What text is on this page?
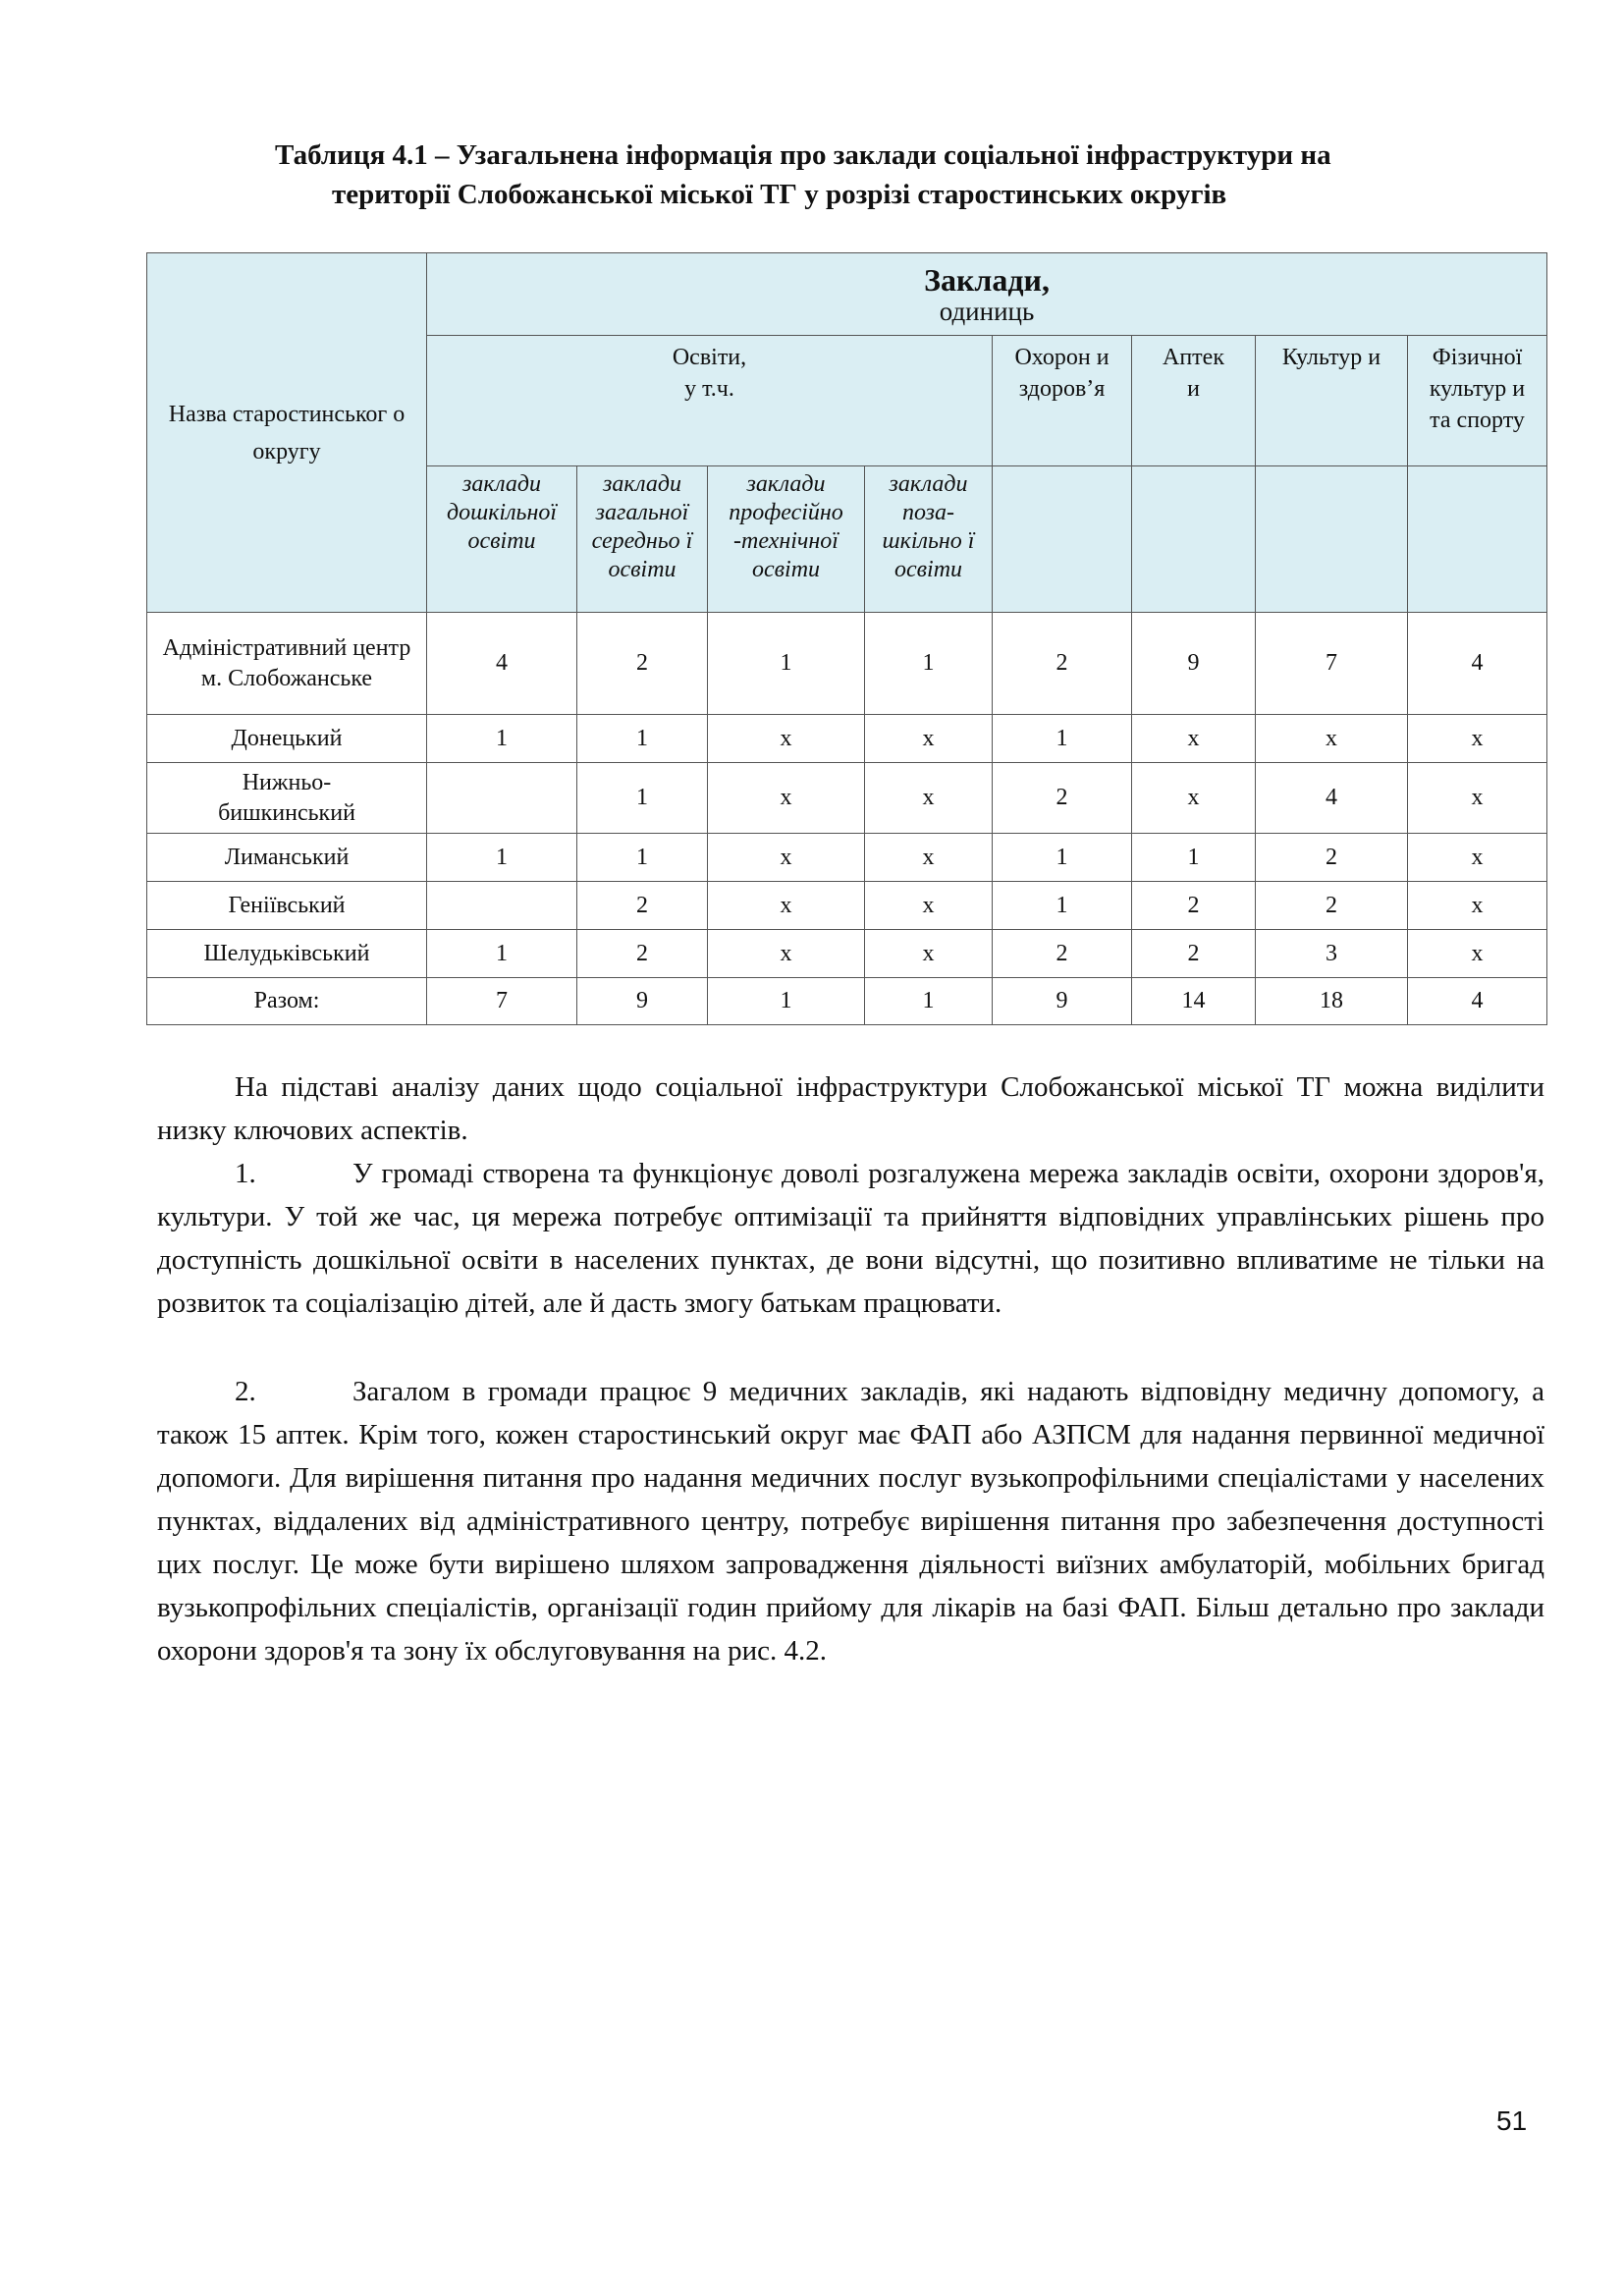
Таблиця 4.1 – Узагальнена інформація про заклади соціальної інфраструктури на
території Слобожанської міської ТГ у розрізі старостинських округів
Назва старостинськог о округу	Заклади,
одиниць							

	Освіти, у т.ч.				Охорон и здоров’я	Аптек и	Культур и	Фізичної культур и та спорту

	заклади дошкільної освіти	заклади загальної середньо ї освіти	заклади професійно -технічної освіти	заклади поза-шкільно ї освіти				

Адміністративний центр
м. Слобожанське	4	2	1	1	2	9	7	4
Донецький	1	1	х	х	1	х	х	х

Нижньо-бишкинський		1	х	х	2	х	4	х
Лиманський	1	1	х	х	1	1	2	х
Геніївський		2	х	х	1	2	2	х
Шелудьківський	1	2	х	х	2	2	3	х
Разом:	7	9	1	1	9	14	18	4
На підставі аналізу даних щодо соціальної інфраструктури Слобожанської міської ТГ можна виділити низку ключових аспектів.
1.	У громаді створена та функціонує доволі розгалужена мережа закладів освіти, охорони здоров'я, культури. У той же час, ця мережа потребує оптимізації та прийняття відповідних управлінських рішень про доступність дошкільної освіти в населених пунктах, де вони відсутні, що позитивно впливатиме не тільки на розвиток та соціалізацію дітей, але й дасть змогу батькам працювати.
2.	Загалом в громади працює 9 медичних закладів, які надають відповідну медичну допомогу, а також 15 аптек. Крім того, кожен старостинський округ має ФАП або АЗПСМ для надання первинної медичної допомоги. Для вирішення питання про надання медичних послуг вузькопрофільними спеціалістами у населених пунктах, віддалених від адміністративного центру, потребує вирішення питання про забезпечення доступності цих послуг. Це може бути вирішено шляхом запровадження діяльності виїзних амбулаторій, мобільних бригад вузькопрофільних спеціалістів, організації годин прийому для лікарів на базі ФАП. Більш детально про заклади охорони здоров'я та зону їх обслуговування на рис. 4.2.
51
